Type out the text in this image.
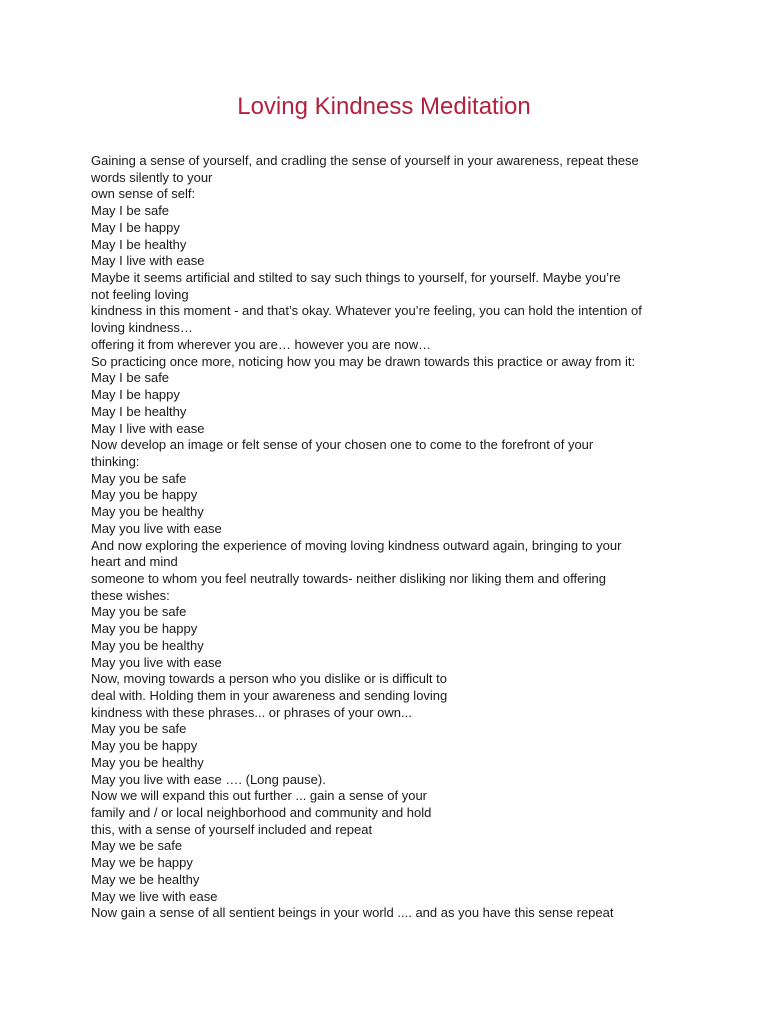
Loving Kindness Meditation
Gaining a sense of yourself, and cradling the sense of yourself in your awareness, repeat these
words silently to your
own sense of self:
May I be safe
May I be happy
May I be healthy
May I live with ease
Maybe it seems artificial and stilted to say such things to yourself, for yourself. Maybe you’re
not feeling loving
kindness in this moment - and that’s okay. Whatever you’re feeling, you can hold the intention of
loving kindness…
offering it from wherever you are… however you are now…
So practicing once more, noticing how you may be drawn towards this practice or away from it:
May I be safe
May I be happy
May I be healthy
May I live with ease
Now develop an image or felt sense of your chosen one to come to the forefront of your
thinking:
May you be safe
May you be happy
May you be healthy
May you live with ease
And now exploring the experience of moving loving kindness outward again, bringing to your
heart and mind
someone to whom you feel neutrally towards- neither disliking nor liking them and offering
these wishes:
May you be safe
May you be happy
May you be healthy
May you live with ease
Now, moving towards a person who you dislike or is difficult to
deal with. Holding them in your awareness and sending loving
kindness with these phrases... or phrases of your own...
May you be safe
May you be happy
May you be healthy
May you live with ease …. (Long pause).
Now we will expand this out further ... gain a sense of your
family and / or local neighborhood and community and hold
this, with a sense of yourself included and repeat
May we be safe
May we be happy
May we be healthy
May we live with ease
Now gain a sense of all sentient beings in your world .... and as you have this sense repeat
